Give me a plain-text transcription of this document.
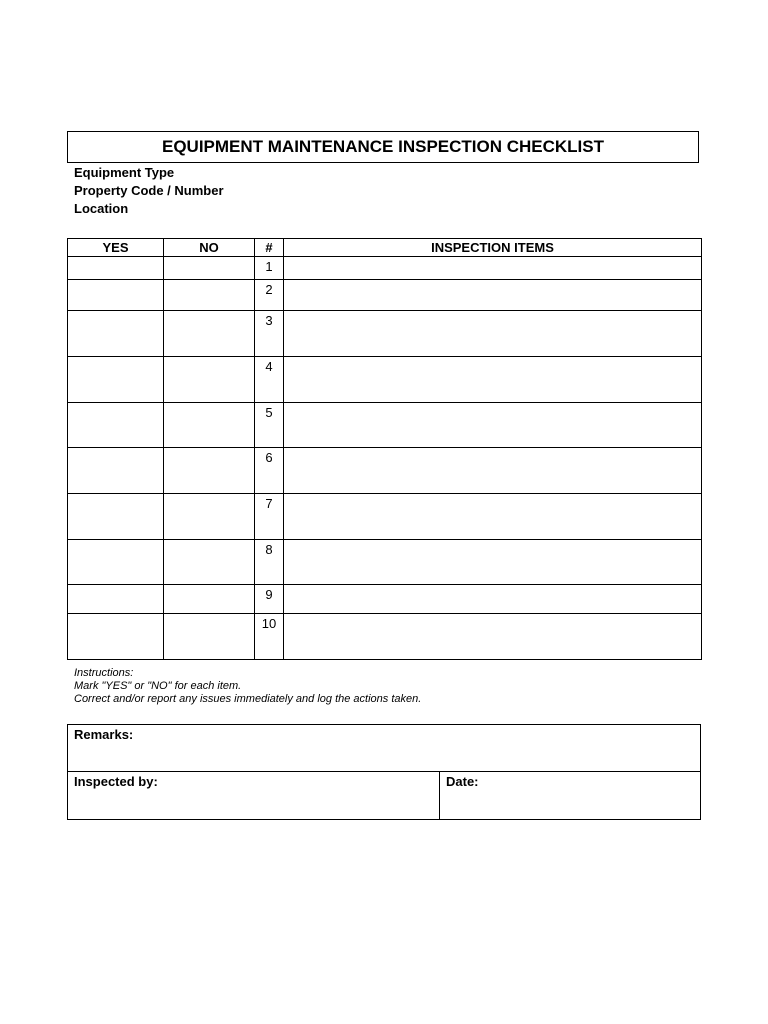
EQUIPMENT MAINTENANCE INSPECTION CHECKLIST
Equipment Type
Property Code / Number
Location
YES	NO	#	INSPECTION ITEMS
		1	
		2	
		3	
		4	
		5	
		6	
		7	
		8	
		9	
		10	
Instructions:
Mark "YES" or "NO" for each item.
Correct and/or report any issues immediately and log the actions taken.
Remarks:
Inspected by:	Date:
